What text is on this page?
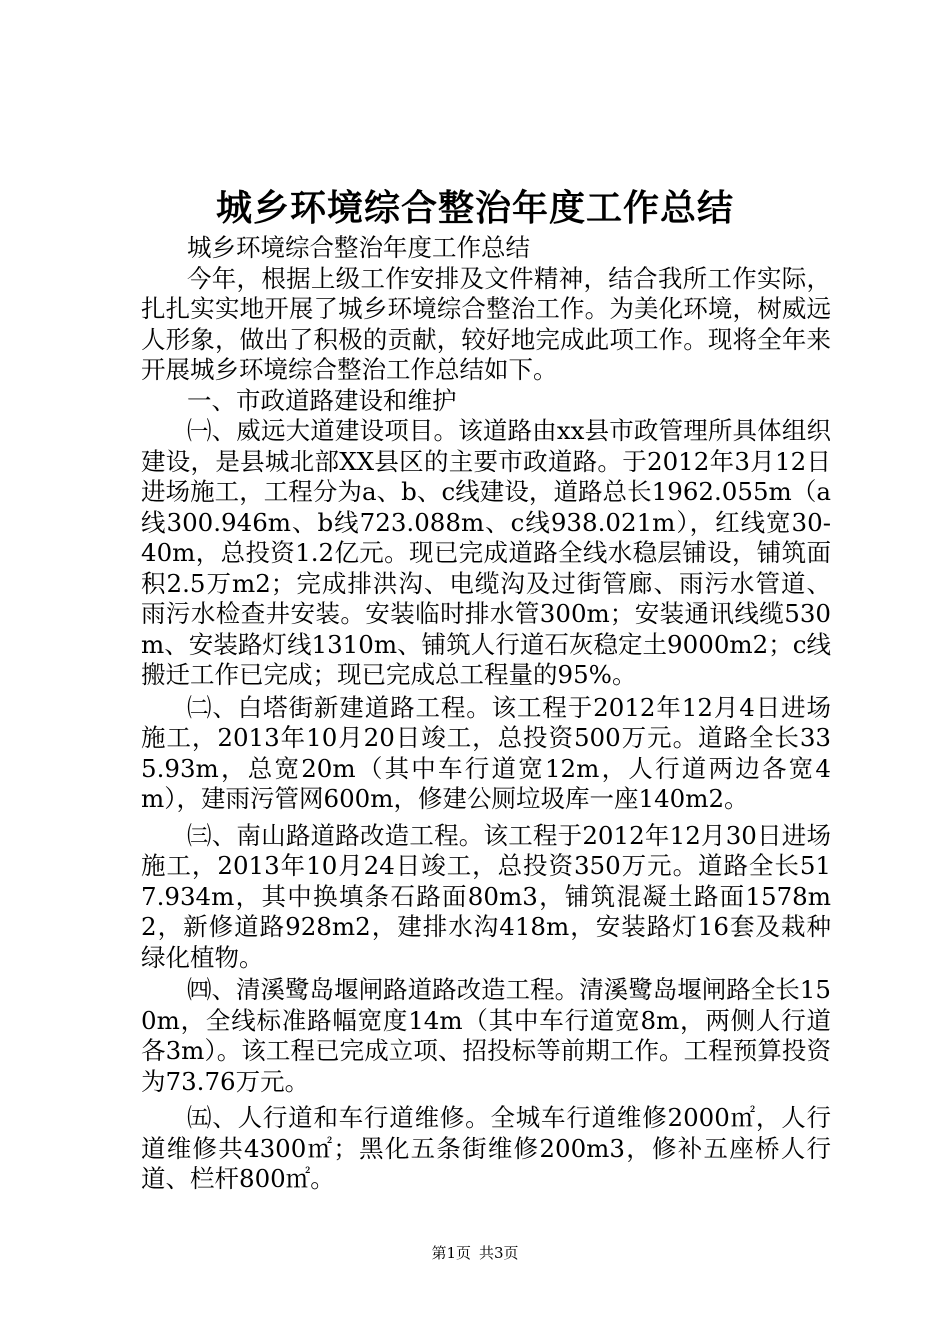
城乡环境综合整治年度工作总结

城乡环境综合整治年度工作总结

今年，根据上级工作安排及文件精神，结合我所工作实际，扎扎实实地开展了城乡环境综合整治工作。为美化环境，树威远人形象，做出了积极的贡献，较好地完成此项工作。现将全年来开展城乡环境综合整治工作总结如下。

一、市政道路建设和维护

㈠、威远大道建设项目。该道路由xx县市政管理所具体组织建设，是县城北部XX县区的主要市政道路。于2012年3月12日进场施工，工程分为a、b、c线建设，道路总长1962.055m（a线300.946m、b线723.088m、c线938.021m），红线宽30-40m，总投资1.2亿元。现已完成道路全线水稳层铺设，铺筑面积2.5万m2；完成排洪沟、电缆沟及过街管廊、雨污水管道、雨污水检查井安装。安装临时排水管300m；安装通讯线缆530m、安装路灯线1310m、铺筑人行道石灰稳定土9000m2；c线搬迁工作已完成；现已完成总工程量的95%。

㈡、白塔街新建道路工程。该工程于2012年12月4日进场施工，2013年10月20日竣工，总投资500万元。道路全长335.93m，总宽20m（其中车行道宽12m，人行道两边各宽4m），建雨污管网600m，修建公厕垃圾库一座140m2。

㈢、南山路道路改造工程。该工程于2012年12月30日进场施工，2013年10月24日竣工，总投资350万元。道路全长517.934m，其中换填条石路面80m3，铺筑混凝土路面1578m2，新修道路928m2，建排水沟418m，安装路灯16套及栽种绿化植物。

㈣、清溪鹭岛堰闸路道路改造工程。清溪鹭岛堰闸路全长150m，全线标准路幅宽度14m（其中车行道宽8m，两侧人行道各3m）。该工程已完成立项、招投标等前期工作。工程预算投资为73.76万元。

㈤、人行道和车行道维修。全城车行道维修2000㎡，人行道维修共4300㎡；黑化五条街维修200m3，修补五座桥人行道、栏杆800㎡。

第1页 共3页
